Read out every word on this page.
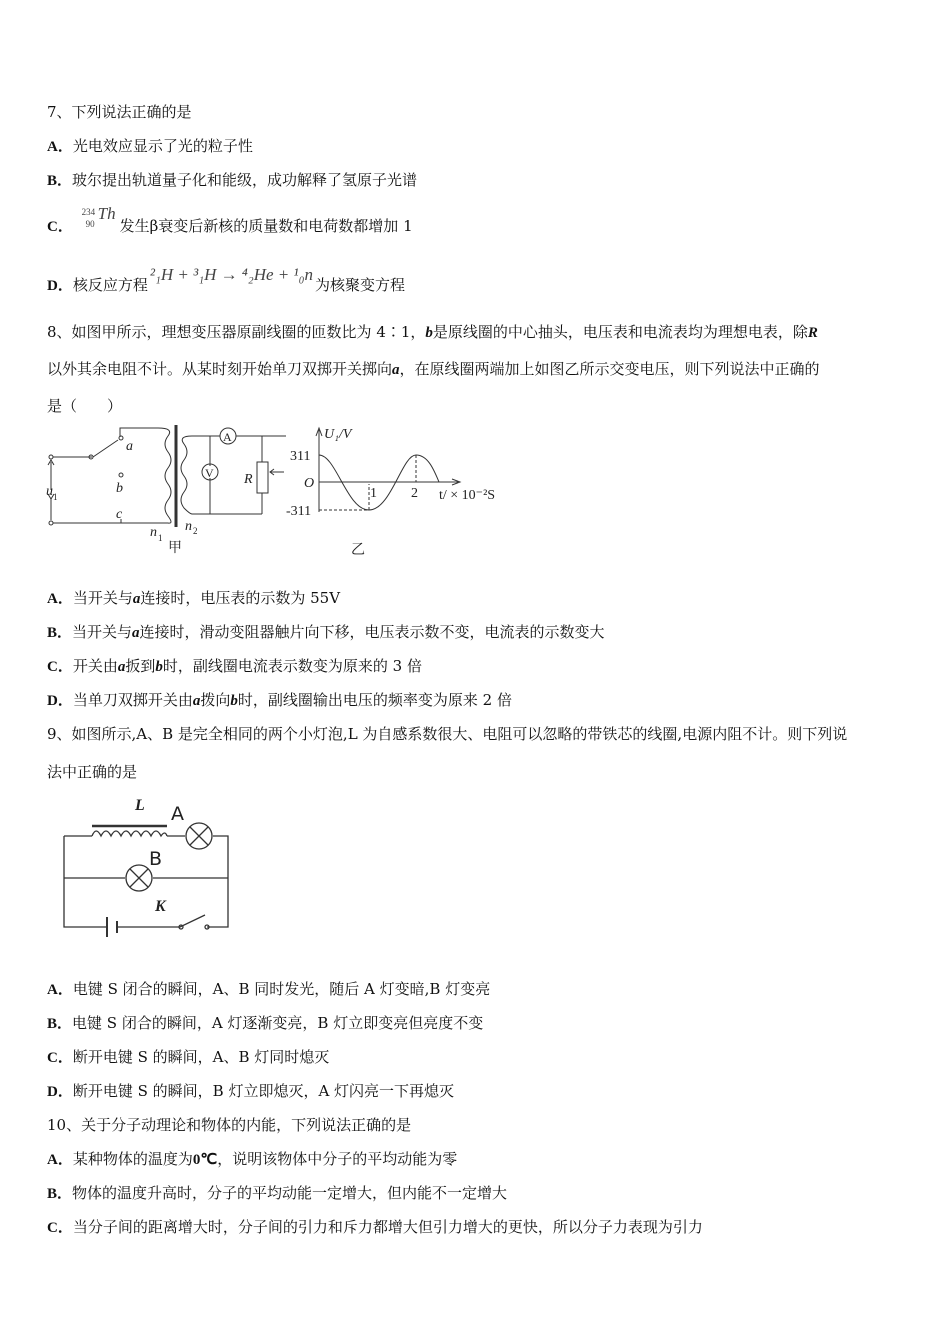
7、下列说法正确的是
A．光电效应显示了光的粒子性
B．玻尔提出轨道量子化和能级，成功解释了氢原子光谱
C．
234
90
Th
发生β衰变后新核的质量数和电荷数都增加 1
D．核反应方程²₁H + ³₁H → ⁴₂He + ¹₀n为核聚变方程
8、如图甲所示，理想变压器原副线圈的匝数比为 4∶1，b是原线圈的中心抽头，电压表和电流表均为理想电表，除R
以外其余电阻不计。从某时刻开始单刀双掷开关掷向a，在原线圈两端加上如图乙所示交变电压，则下列说法中正确的
是（　　）
a
b
c
u 1
n 1
n 2
A
V R
甲	乙
U₁/V
311
O
-311
1 2 t/ × 10⁻²S
A．当开关与a连接时，电压表的示数为 55V
B．当开关与a连接时，滑动变阻器触片向下移，电压表示数不变，电流表的示数变大
C．开关由a扳到b时，副线圈电流表示数变为原来的 3 倍
D．当单刀双掷开关由a拨向b时，副线圈输出电压的频率变为原来 2 倍
9、如图所示,A、B 是完全相同的两个小灯泡,L 为自感系数很大、电阻可以忽略的带铁芯的线圈,电源内阻不计。则下列说
法中正确的是
L
K
A
B
A．电键 S 闭合的瞬间，A、B 同时发光，随后 A 灯变暗,B 灯变亮
B．电键 S 闭合的瞬间，A 灯逐渐变亮，B 灯立即变亮但亮度不变
C．断开电键 S 的瞬间，A、B 灯同时熄灭
D．断开电键 S 的瞬间，B 灯立即熄灭，A 灯闪亮一下再熄灭
10、关于分子动理论和物体的内能，下列说法正确的是
A．某种物体的温度为0℃，说明该物体中分子的平均动能为零
B．物体的温度升高时，分子的平均动能一定增大，但内能不一定增大
C．当分子间的距离增大时，分子间的引力和斥力都增大但引力增大的更快，所以分子力表现为引力
